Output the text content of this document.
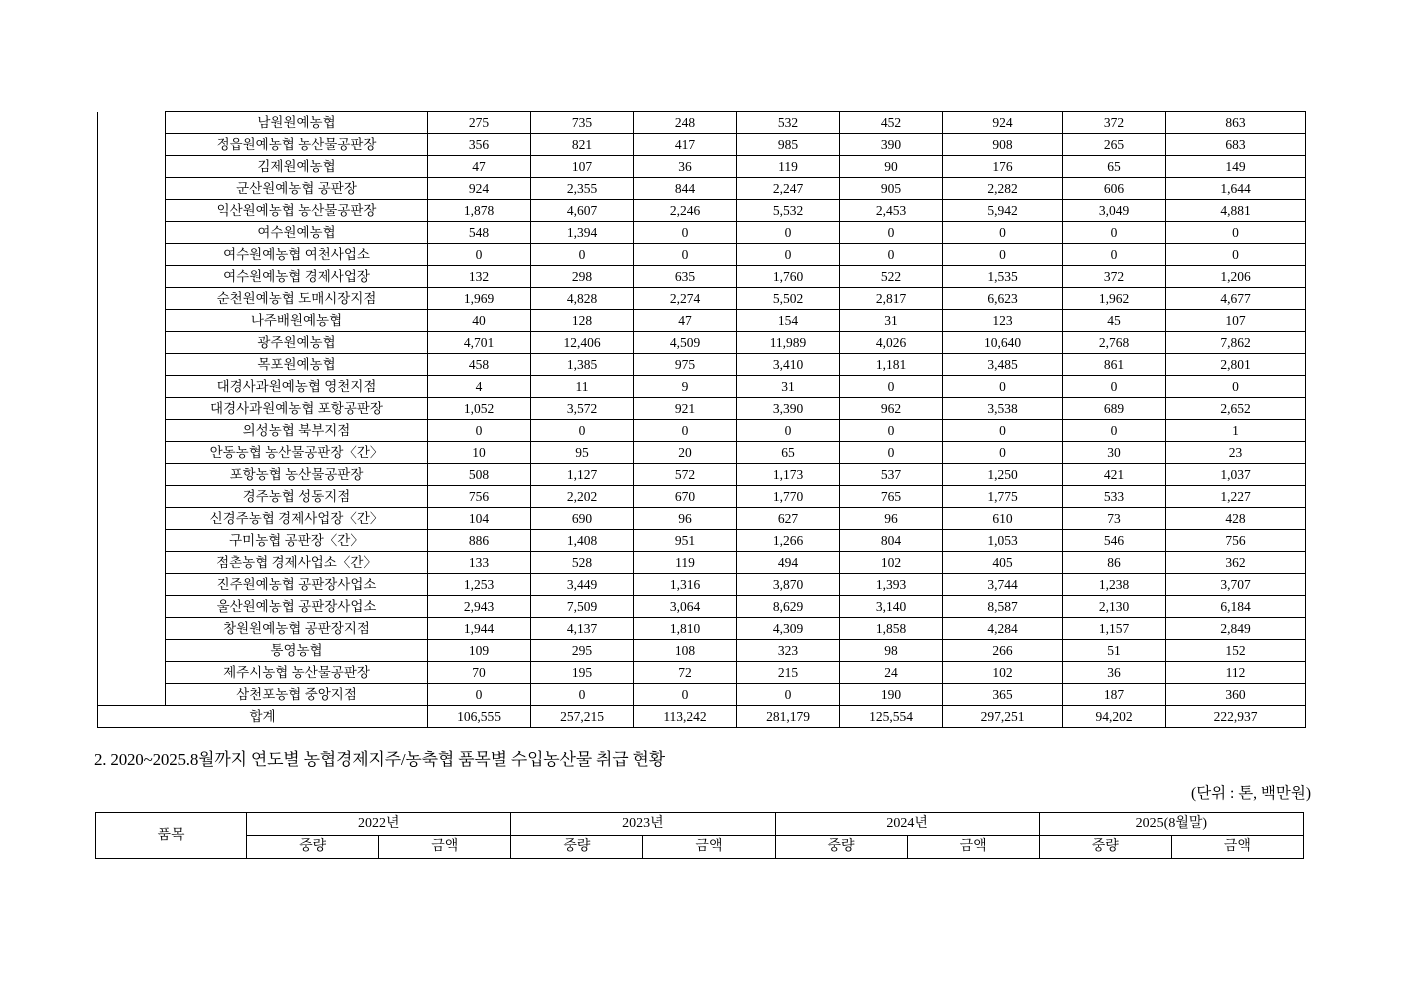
	남원원예농협	275	735	248	532	452	924	372	863
	정읍원예농협 농산물공판장	356	821	417	985	390	908	265	683
	김제원예농협	47	107	36	119	90	176	65	149
	군산원예농협 공판장	924	2,355	844	2,247	905	2,282	606	1,644
	익산원예농협 농산물공판장	1,878	4,607	2,246	5,532	2,453	5,942	3,049	4,881
	여수원예농협	548	1,394	0	0	0	0	0	0
	여수원예농협 여천사업소	0	0	0	0	0	0	0	0
	여수원예농협 경제사업장	132	298	635	1,760	522	1,535	372	1,206
	순천원예농협 도매시장지점	1,969	4,828	2,274	5,502	2,817	6,623	1,962	4,677
	나주배원예농협	40	128	47	154	31	123	45	107
	광주원예농협	4,701	12,406	4,509	11,989	4,026	10,640	2,768	7,862
	목포원예농협	458	1,385	975	3,410	1,181	3,485	861	2,801
	대경사과원예농협 영천지점	4	11	9	31	0	0	0	0
	대경사과원예농협 포항공판장	1,052	3,572	921	3,390	962	3,538	689	2,652
	의성농협 북부지점	0	0	0	0	0	0	0	1
	안동농협 농산물공판장〈간〉	10	95	20	65	0	0	30	23
	포항농협 농산물공판장	508	1,127	572	1,173	537	1,250	421	1,037
	경주농협 성동지점	756	2,202	670	1,770	765	1,775	533	1,227
	신경주농협 경제사업장〈간〉	104	690	96	627	96	610	73	428
	구미농협 공판장〈간〉	886	1,408	951	1,266	804	1,053	546	756
	점촌농협 경제사업소〈간〉	133	528	119	494	102	405	86	362
	진주원예농협 공판장사업소	1,253	3,449	1,316	3,870	1,393	3,744	1,238	3,707
	울산원예농협 공판장사업소	2,943	7,509	3,064	8,629	3,140	8,587	2,130	6,184
	창원원예농협 공판장지점	1,944	4,137	1,810	4,309	1,858	4,284	1,157	2,849
	통영농협	109	295	108	323	98	266	51	152
	제주시농협 농산물공판장	70	195	72	215	24	102	36	112
	삼천포농협 중앙지점	0	0	0	0	190	365	187	360
합계		106,555	257,215	113,242	281,179	125,554	297,251	94,202	222,937
2. 2020~2025.8월까지 연도별 농협경제지주/농축협 품목별 수입농산물 취급 현황
(단위 : 톤, 백만원)
품목	2022년		2023년		2024년		2025(8월말)	
	중량	금액	중량	금액	중량	금액	중량	금액
